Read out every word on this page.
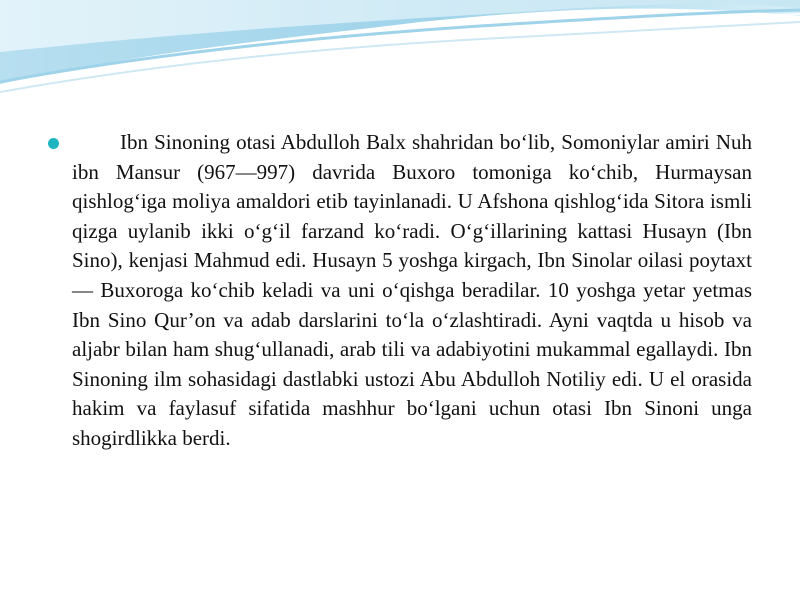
Ibn Sinoning otasi Abdulloh Balx shahridan bo‘lib, Somoniylar amiri Nuh ibn Mansur (967—997) davrida Buxoro tomoniga ko‘chib, Hurmaysan qishlog‘iga moliya amaldori etib tayinlanadi. U Afshona qishlog‘ida Sitora ismli qizga uylanib ikki o‘g‘il farzand ko‘radi. O‘g‘illarining kattasi Husayn (Ibn Sino), kenjasi Mahmud edi. Husayn 5 yoshga kirgach, Ibn Sinolar oilasi poytaxt — Buxoroga ko‘chib keladi va uni o‘qishga beradilar. 10 yoshga yetar yetmas Ibn Sino Qur’on va adab darslarini to‘la o‘zlashtiradi. Ayni vaqtda u hisob va aljabr bilan ham shug‘ullanadi, arab tili va adabiyotini mukammal egallaydi. Ibn Sinoning ilm sohasidagi dastlabki ustozi Abu Abdulloh Notiliy edi. U el orasida hakim va faylasuf sifatida mashhur bo‘lgani uchun otasi Ibn Sinoni unga shogirdlikka berdi.
